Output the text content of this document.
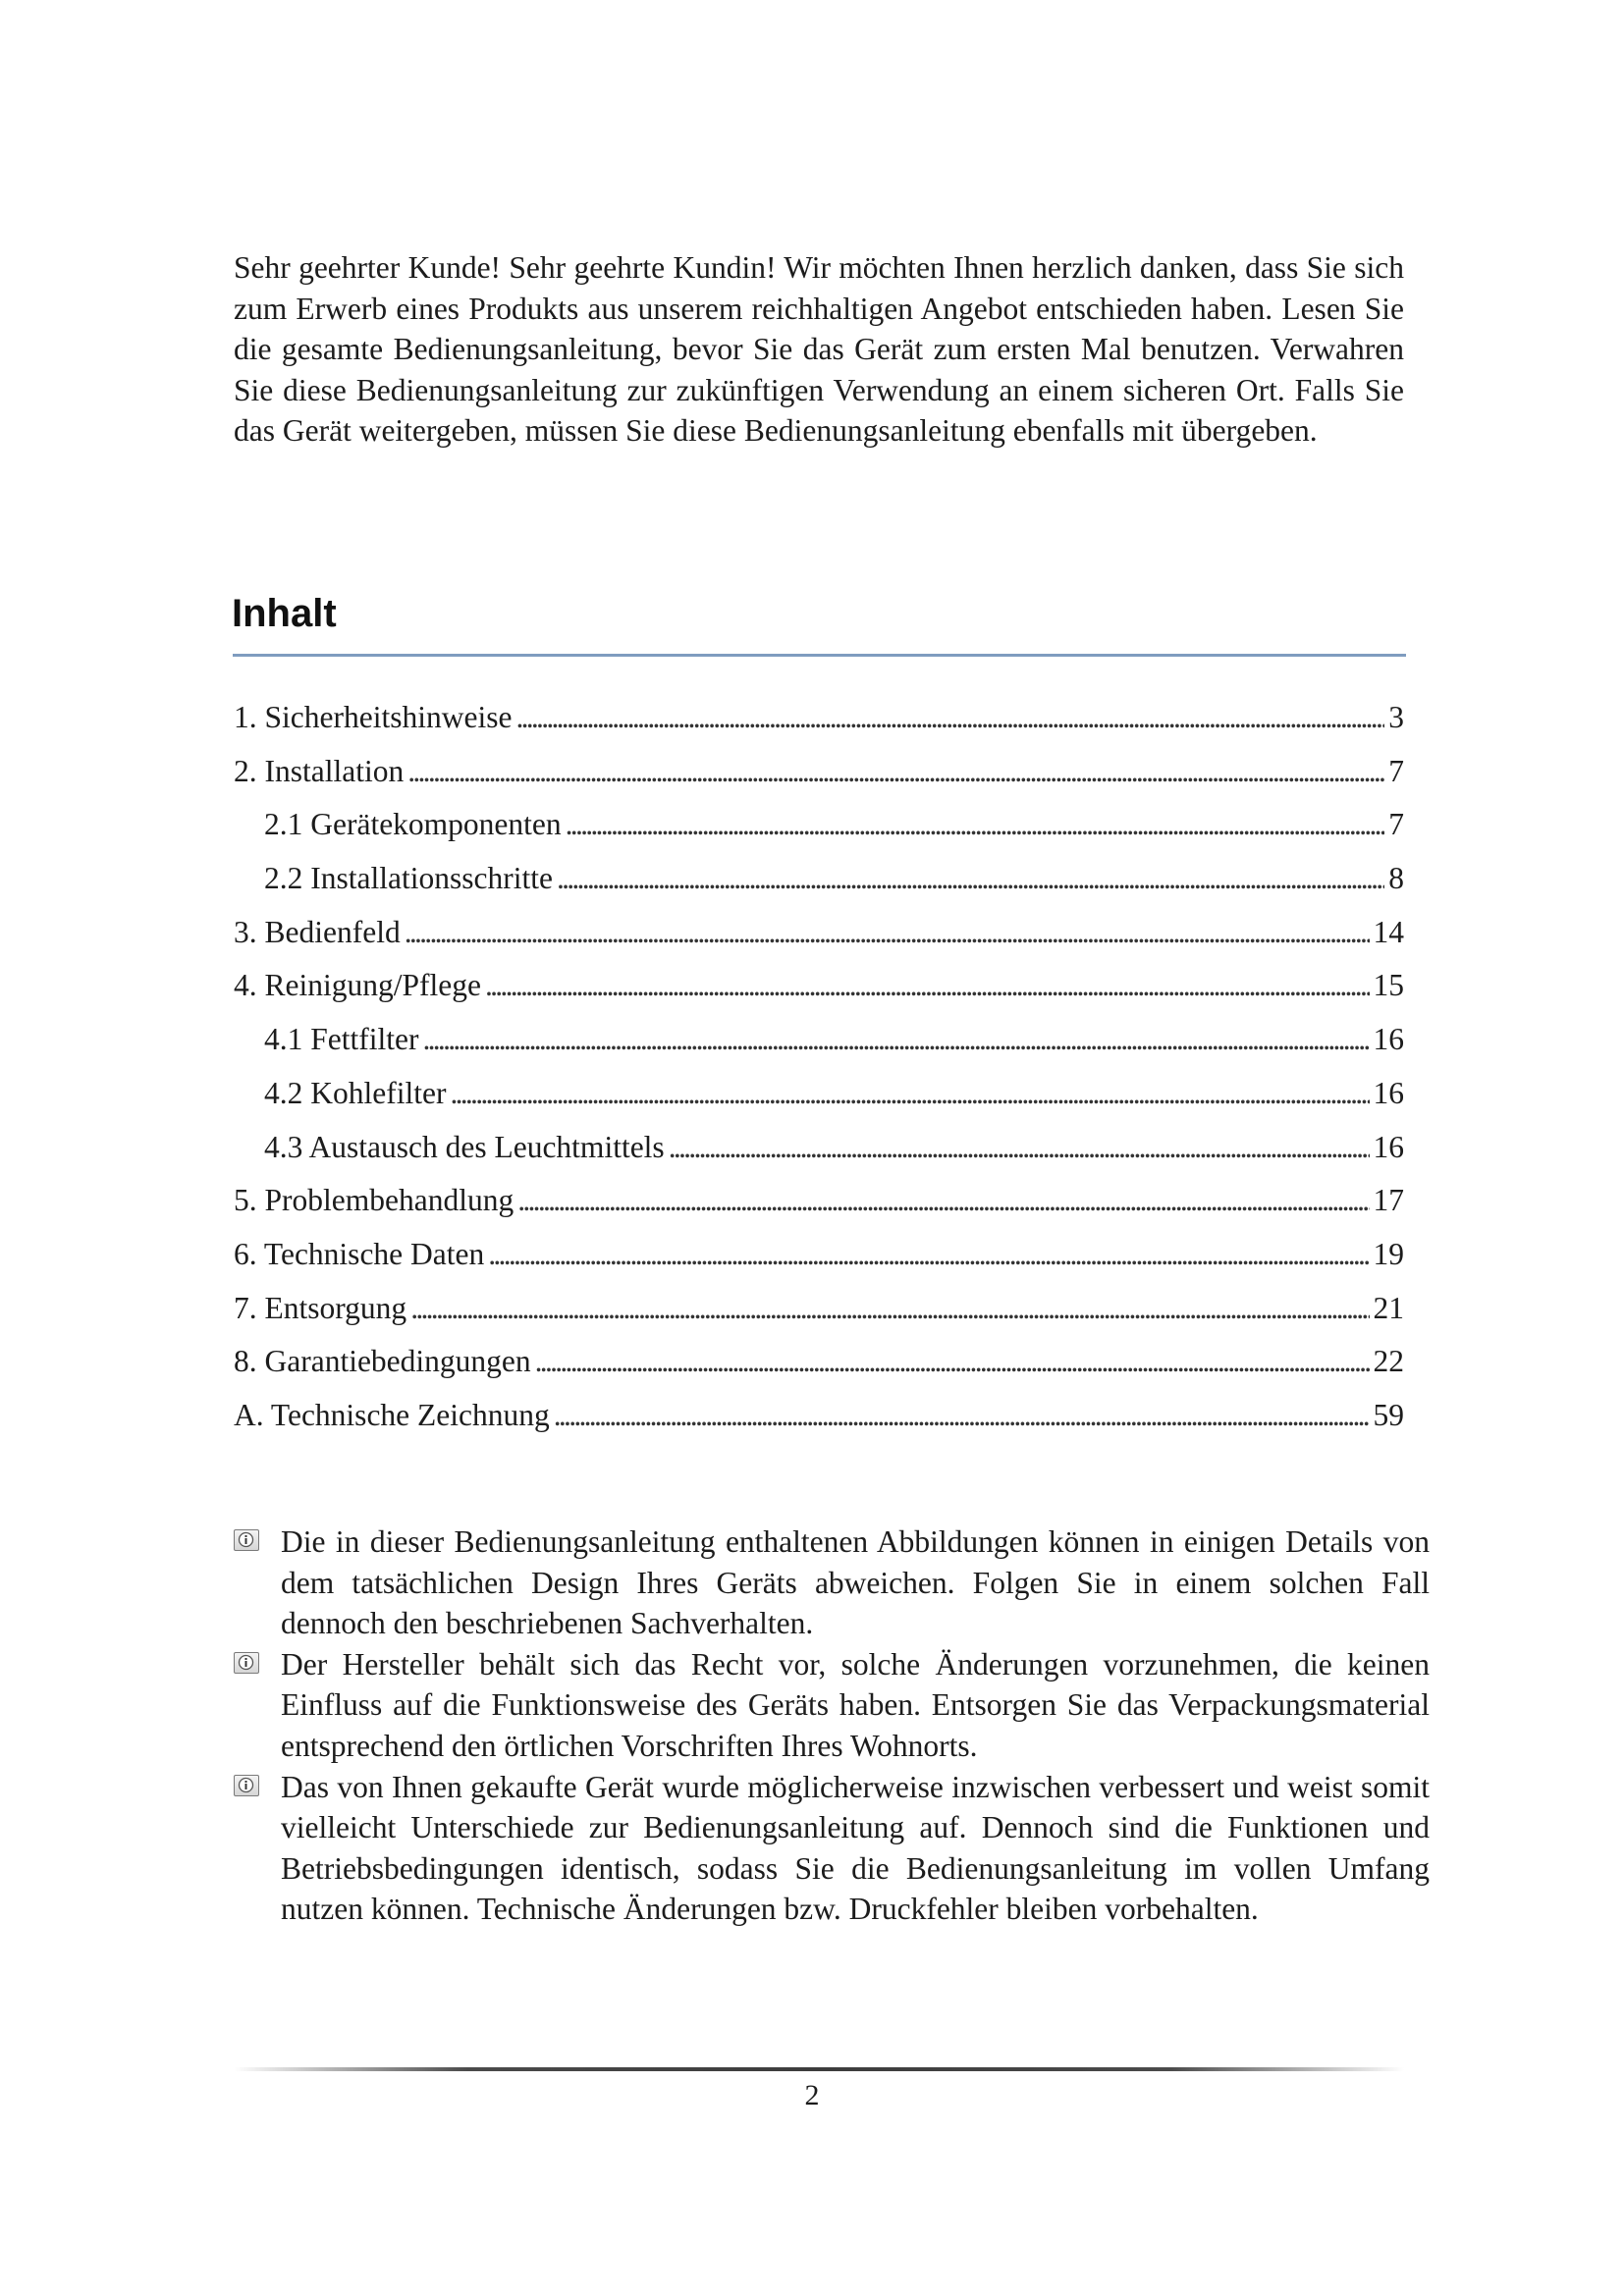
Sehr geehrter Kunde! Sehr geehrte Kundin! Wir möchten Ihnen herzlich danken, dass Sie sich zum Erwerb eines Produkts aus unserem reichhaltigen Angebot entschieden haben. Lesen Sie die gesamte Bedienungsanleitung, bevor Sie das Gerät zum ersten Mal benutzen. Verwahren Sie diese Bedienungsanleitung zur zukünftigen Verwendung an einem sicheren Ort. Falls Sie das Gerät weitergeben, müssen Sie diese Bedienungsanleitung ebenfalls mit übergeben.

Inhalt
1. Sicherheitshinweise . . .	3
2. Installation . . .	7
2.1 Gerätekomponenten . . .	7
2.2 Installationsschritte . . .	8
3. Bedienfeld . . .	14
4. Reinigung/Pflege . . .	15
4.1 Fettfilter . . .	16
4.2 Kohlefilter . . .	16
4.3 Austausch des Leuchtmittels . . .	16
5. Problembehandlung . . .	17
6. Technische Daten . . .	19
7. Entsorgung . . .	21
8. Garantiebedingungen . . .	22
A. Technische Zeichnung . . .	59

Die in dieser Bedienungsanleitung enthaltenen Abbildungen können in einigen Details von dem tatsächlichen Design Ihres Geräts abweichen. Folgen Sie in einem solchen Fall dennoch den beschriebenen Sachverhalten.

Der Hersteller behält sich das Recht vor, solche Änderungen vorzunehmen, die keinen Einfluss auf die Funktionsweise des Geräts haben. Entsorgen Sie das Verpackungsmaterial entsprechend den örtlichen Vorschriften Ihres Wohnorts.

Das von Ihnen gekaufte Gerät wurde möglicherweise inzwischen verbessert und weist somit vielleicht Unterschiede zur Bedienungsanleitung auf. Dennoch sind die Funktionen und Betriebsbedingungen identisch, sodass Sie die Bedienungsanleitung im vollen Umfang nutzen können. Technische Änderungen bzw. Druckfehler bleiben vorbehalten.

2
